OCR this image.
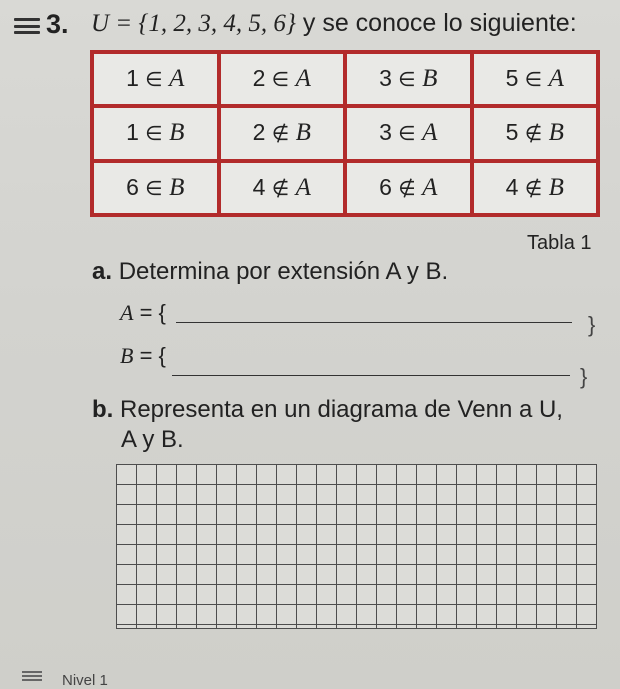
3. U = {1, 2, 3, 4, 5, 6} y se conoce lo siguiente:
1 ∈ A	2 ∈ A	3 ∈ B	5 ∈ A
1 ∈ B	2 ∉ B	3 ∈ A	5 ∉ B
6 ∈ B	4 ∉ A	6 ∉ A	4 ∉ B
Tabla 1
a. Determina por extensión A y B.
A = {	}
B = {
}
b. Representa en un diagrama de Venn a U,
A y B.
Nivel 1
